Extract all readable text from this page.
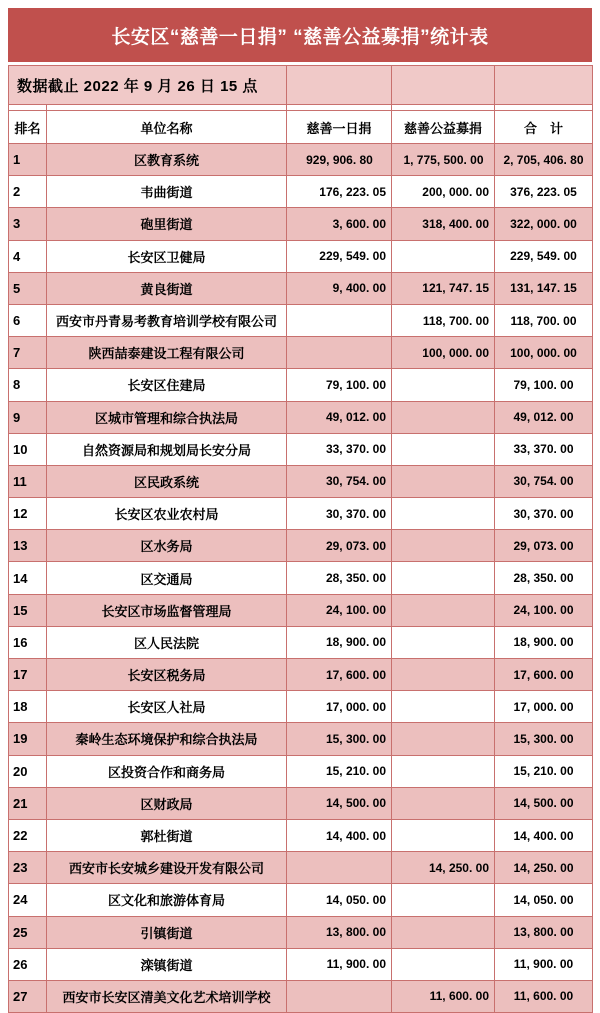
长安区“慈善一日捐” “慈善公益募捐”统计表
数据截止 2022 年 9 月 26 日 15 点			

排名	单位名称	慈善一日捐	慈善公益募捐	合　计
1	区教育系统	929, 906. 80	1, 775, 500. 00	2, 705, 406. 80
2	韦曲街道	176, 223. 05	200, 000. 00	376, 223. 05
3	砲里街道	3, 600. 00	318, 400. 00	322, 000. 00
4	长安区卫健局	229, 549. 00		229, 549. 00
5	黄良街道	9, 400. 00	121, 747. 15	131, 147. 15
6	西安市丹青易考教育培训学校有限公司		118, 700. 00	118, 700. 00
7	陕西喆泰建设工程有限公司		100, 000. 00	100, 000. 00
8	长安区住建局	79, 100. 00		79, 100. 00
9	区城市管理和综合执法局	49, 012. 00		49, 012. 00
10	自然资源局和规划局长安分局	33, 370. 00		33, 370. 00
11	区民政系统	30, 754. 00		30, 754. 00
12	长安区农业农村局	30, 370. 00		30, 370. 00
13	区水务局	29, 073. 00		29, 073. 00
14	区交通局	28, 350. 00		28, 350. 00
15	长安区市场监督管理局	24, 100. 00		24, 100. 00
16	区人民法院	18, 900. 00		18, 900. 00
17	长安区税务局	17, 600. 00		17, 600. 00
18	长安区人社局	17, 000. 00		17, 000. 00
19	秦岭生态环境保护和综合执法局	15, 300. 00		15, 300. 00
20	区投资合作和商务局	15, 210. 00		15, 210. 00
21	区财政局	14, 500. 00		14, 500. 00
22	郭杜街道	14, 400. 00		14, 400. 00
23	西安市长安城乡建设开发有限公司		14, 250. 00	14, 250. 00
24	区文化和旅游体育局	14, 050. 00		14, 050. 00
25	引镇街道	13, 800. 00		13, 800. 00
26	滦镇街道	11, 900. 00		11, 900. 00
27	西安市长安区清美文化艺术培训学校		11, 600. 00	11, 600. 00
